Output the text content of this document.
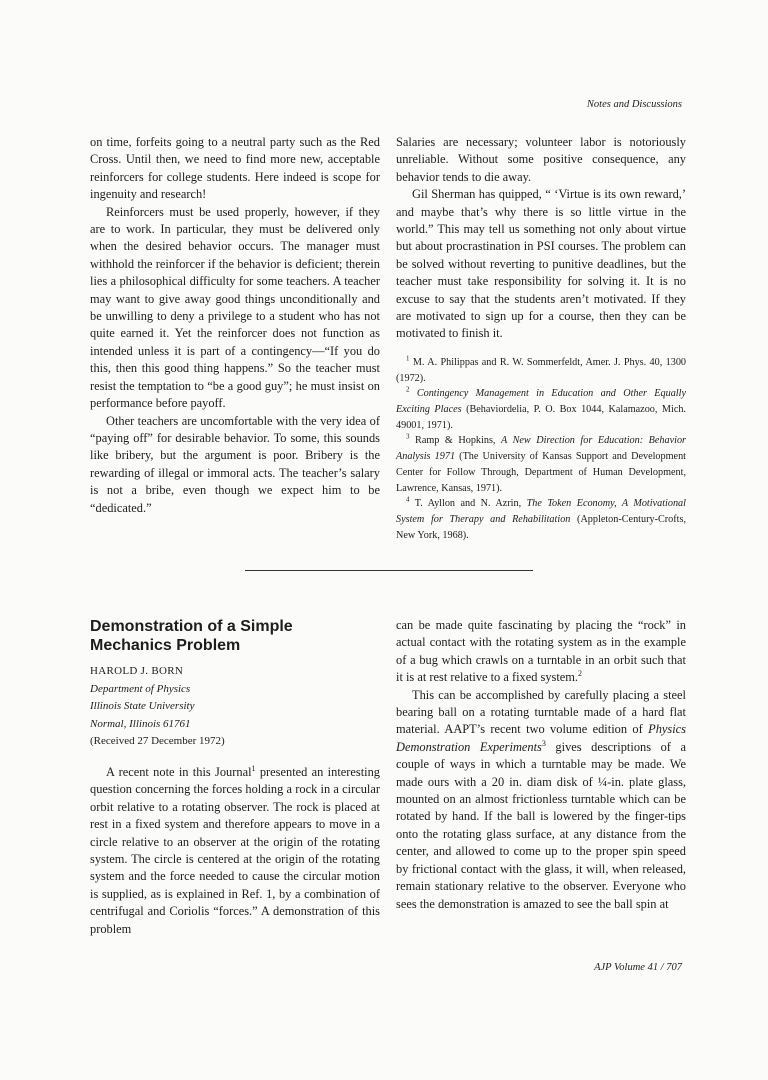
Notes and Discussions

on time, forfeits going to a neutral party such as the Red Cross. Until then, we need to find more new, acceptable reinforcers for college students. Here indeed is scope for ingenuity and research!

Reinforcers must be used properly, however, if they are to work. In particular, they must be delivered only when the desired behavior occurs. The manager must withhold the reinforcer if the behavior is deficient; therein lies a philosophical difficulty for some teachers. A teacher may want to give away good things unconditionally and be unwilling to deny a privilege to a student who has not quite earned it. Yet the reinforcer does not function as intended unless it is part of a contingency—“If you do this, then this good thing happens.” So the teacher must resist the temptation to “be a good guy”; he must insist on performance before payoff.

Other teachers are uncomfortable with the very idea of “paying off” for desirable behavior. To some, this sounds like bribery, but the argument is poor. Bribery is the rewarding of illegal or immoral acts. The teacher’s salary is not a bribe, even though we expect him to be “dedicated.”

Salaries are necessary; volunteer labor is notoriously unreliable. Without some positive consequence, any behavior tends to die away.

Gil Sherman has quipped, “ ‘Virtue is its own reward,’ and maybe that’s why there is so little virtue in the world.” This may tell us something not only about virtue but about procrastination in PSI courses. The problem can be solved without reverting to punitive deadlines, but the teacher must take responsibility for solving it. It is no excuse to say that the students aren’t motivated. If they are motivated to sign up for a course, then they can be motivated to finish it.

$^1$ M. A. Philippas and R. W. Sommerfeldt, Amer. J. Phys. 40, 1300 (1972).

$^2$ Contingency Management in Education and Other Equally Exciting Places (Behaviordelia, P. O. Box 1044, Kalamazoo, Mich. 49001, 1971).

$^3$ Ramp & Hopkins, A New Direction for Education: Behavior Analysis 1971 (The University of Kansas Support and Development Center for Follow Through, Department of Human Development, Lawrence, Kansas, 1971).

$^4$ T. Ayllon and N. Azrin, The Token Economy, A Motivational System for Therapy and Rehabilitation (Appleton-Century-Crofts, New York, 1968).

Demonstration of a Simple Mechanics Problem
HAROLD J. BORN
Department of Physics
Illinois State University
Normal, Illinois 61761
(Received 27 December 1972)

A recent note in this Journal$^1$ presented an interesting question concerning the forces holding a rock in a circular orbit relative to a rotating observer. The rock is placed at rest in a fixed system and therefore appears to move in a circle relative to an observer at the origin of the rotating system. The circle is centered at the origin of the rotating system and the force needed to cause the circular motion is supplied, as is explained in Ref. 1, by a combination of centrifugal and Coriolis “forces.” A demonstration of this problem

can be made quite fascinating by placing the “rock” in actual contact with the rotating system as in the example of a bug which crawls on a turntable in an orbit such that it is at rest relative to a fixed system.$^2$

This can be accomplished by carefully placing a steel bearing ball on a rotating turntable made of a hard flat material. AAPT’s recent two volume edition of Physics Demonstration Experiments$^3$ gives descriptions of a couple of ways in which a turntable may be made. We made ours with a 20 in. diam disk of ¼-in. plate glass, mounted on an almost frictionless turntable which can be rotated by hand. If the ball is lowered by the finger-tips onto the rotating glass surface, at any distance from the center, and allowed to come up to the proper spin speed by frictional contact with the glass, it will, when released, remain stationary relative to the observer. Everyone who sees the demonstration is amazed to see the ball spin at

AJP Volume 41 / 707
